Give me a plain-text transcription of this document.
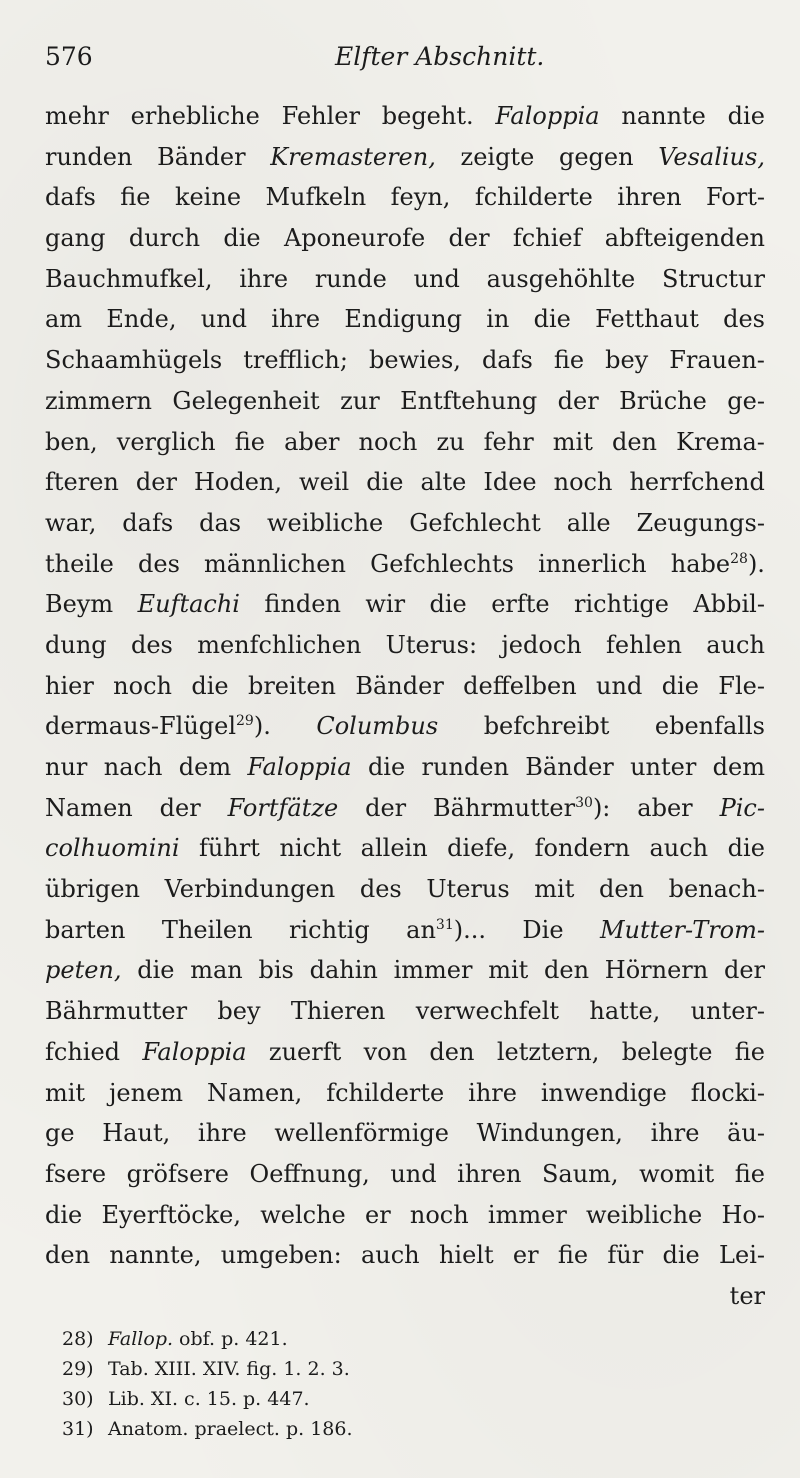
576	Elfter Abschnitt.
mehr erhebliche Fehler begeht. Faloppia nannte die
runden Bänder Kremasteren, zeigte gegen Vesalius,
dafs fie keine Mufkeln feyn, fchilderte ihren Fort-
gang durch die Aponeurofe der fchief abfteigenden
Bauchmufkel, ihre runde und ausgehöhlte Structur
am Ende, und ihre Endigung in die Fetthaut des
Schaamhügels trefflich; bewies, dafs fie bey Frauen-
zimmern Gelegenheit zur Entftehung der Brüche ge-
ben, verglich fie aber noch zu fehr mit den Krema-
fteren der Hoden, weil die alte Idee noch herrfchend
war, dafs das weibliche Gefchlecht alle Zeugungs-
theile des männlichen Gefchlechts innerlich habe28).
Beym Euftachi finden wir die erfte richtige Abbil-
dung des menfchlichen Uterus: jedoch fehlen auch
hier noch die breiten Bänder deffelben und die Fle-
dermaus-Flügel29). Columbus befchreibt ebenfalls
nur nach dem Faloppia die runden Bänder unter dem
Namen der Fortfätze der Bährmutter30): aber Pic-
colhuomini führt nicht allein diefe, fondern auch die
übrigen Verbindungen des Uterus mit den benach-
barten Theilen richtig an31)... Die Mutter-Trom-
peten, die man bis dahin immer mit den Hörnern der
Bährmutter bey Thieren verwechfelt hatte, unter-
fchied Faloppia zuerft von den letztern, belegte fie
mit jenem Namen, fchilderte ihre inwendige flocki-
ge Haut, ihre wellenförmige Windungen, ihre äu-
fsere gröfsere Oeffnung, und ihren Saum, womit fie
die Eyerftöcke, welche er noch immer weibliche Ho-
den nannte, umgeben: auch hielt er fie für die Lei-
ter
28) Fallop. obf. p. 421.
29) Tab. XIII. XIV. fig. 1. 2. 3.
30) Lib. XI. c. 15. p. 447.
31) Anatom. praelect. p. 186.
